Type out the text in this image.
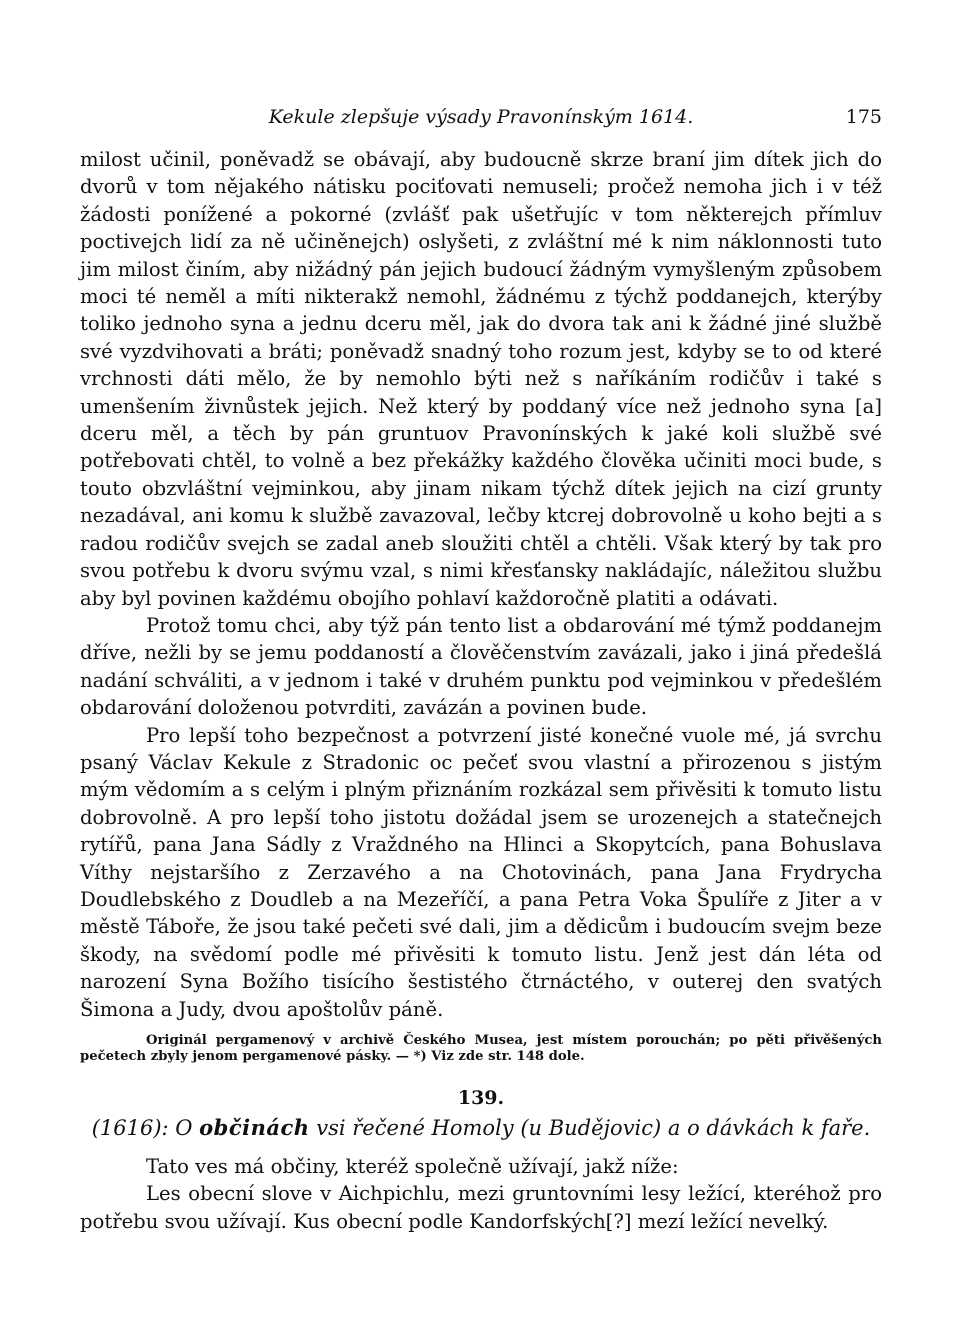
Kekule zlepšuje výsady Pravonínským 1614.	175

milost učinil, poněvadž se obávají, aby budoucně skrze braní jim dítek jich do dvorů v tom nějakého nátisku pociťovati nemuseli; pročež nemoha jich i v též žádosti ponížené a pokorné (zvlášť pak ušetřujíc v tom některejch přímluv poctivejch lidí za ně učiněnejch) oslyšeti, z zvláštní mé k nim náklonnosti tuto jim milost činím, aby nižádný pán jejich budoucí žádným vymyšleným způsobem moci té neměl a míti nikterakž nemohl, žádnému z týchž poddanejch, kterýby toliko jednoho syna a jednu dceru měl, jak do dvora tak ani k žádné jiné službě své vyzdvihovati a bráti; poněvadž snadný toho rozum jest, kdyby se to od které vrchnosti dáti mělo, že by nemohlo býti než s naříkáním rodičův i také s umenšením živnůstek jejich. Než který by poddaný více než jednoho syna [a] dceru měl, a těch by pán gruntuov Pravonínských k jaké koli službě své potřebovati chtěl, to volně a bez překážky každého člověka učiniti moci bude, s touto obzvláštní vejminkou, aby jinam nikam týchž dítek jejich na cizí grunty nezadával, ani komu k službě zavazoval, lečby ktcrej dobrovolně u koho bejti a s radou rodičův svejch se zadal aneb sloužiti chtěl a chtěli. Však který by tak pro svou potřebu k dvoru svýmu vzal, s nimi křesťansky nakládajíc, náležitou službu aby byl povinen každému obojího pohlaví každoročně platiti a odávati.

Protož tomu chci, aby týž pán tento list a obdarování mé týmž poddanejm dříve, nežli by se jemu poddaností a člověčenstvím zavázali, jako i jiná předešlá nadání schváliti, a v jednom i také v druhém punktu pod vejminkou v předešlém obdarování doloženou potvrditi, zavázán a povinen bude.

Pro lepší toho bezpečnost a potvrzení jisté konečné vuole mé, já svrchu psaný Václav Kekule z Stradonic oc pečeť svou vlastní a přirozenou s jistým mým vědomím a s celým i plným přiznáním rozkázal sem přivěsiti k tomuto listu dobrovolně. A pro lepší toho jistotu dožádal jsem se urozenejch a statečnejch rytířů, pana Jana Sádly z Vraždného na Hlinci a Skopytcích, pana Bohuslava Víthy nejstaršího z Zerzavého a na Chotovinách, pana Jana Frydrycha Doudlebského z Doudleb a na Mezeříčí, a pana Petra Voka Špulíře z Jiter a v městě Táboře, že jsou také pečeti své dali, jim a dědicům i budoucím svejm beze škody, na svědomí podle mé přivěsiti k tomuto listu. Jenž jest dán léta od narození Syna Božího tisícího šestistého čtrnáctého, v outerej den svatých Šimona a Judy, dvou apoštolův páně.

Originál pergamenový v archivě Českého Musea, jest místem porouchán; po pěti přivěšených pečetech zbyly jenom pergamenové pásky. — *) Viz zde str. 148 dole.

139.
(1616): O občinách vsi řečené Homoly (u Budějovic) a o dávkách k faře.

Tato ves má občiny, kteréž společně užívají, jakž níže:

Les obecní slove v Aichpichlu, mezi gruntovními lesy ležící, kteréhož pro potřebu svou užívají. Kus obecní podle Kandorfských[?] mezí ležící nevelký.
